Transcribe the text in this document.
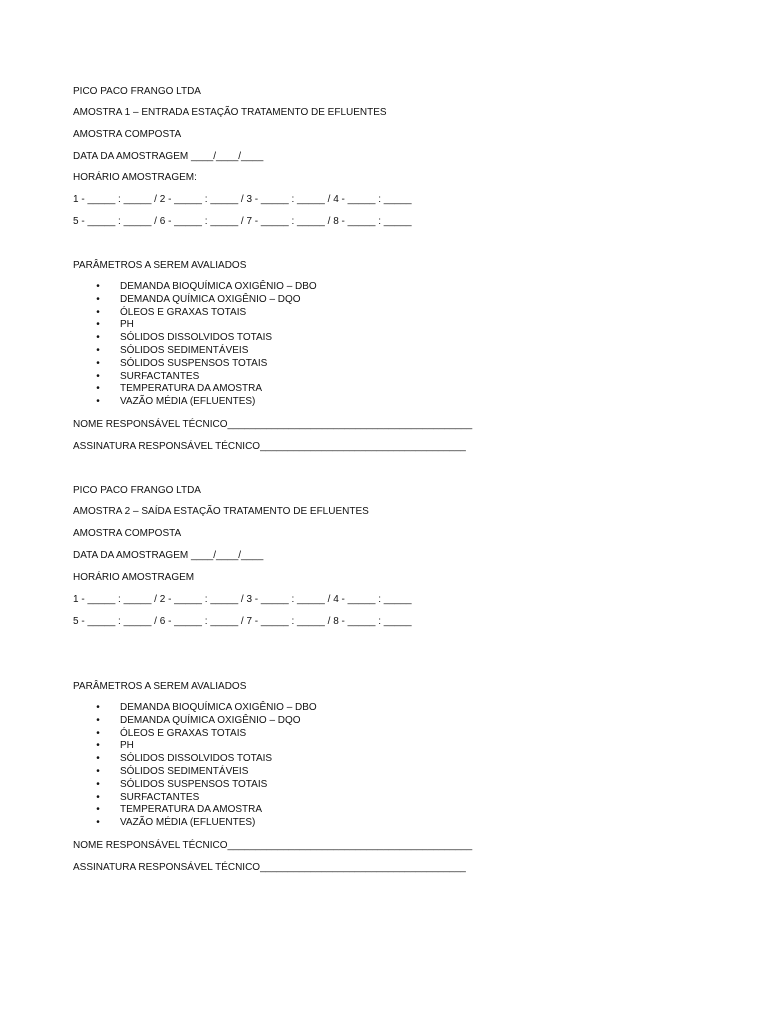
PICO PACO FRANGO LTDA
AMOSTRA 1 – ENTRADA ESTAÇÃO TRATAMENTO DE EFLUENTES
AMOSTRA COMPOSTA
DATA DA AMOSTRAGEM ____/____/____
HORÁRIO AMOSTRAGEM:
1 - _____ : _____ / 2 - _____ : _____ / 3 - _____ : _____ / 4 - _____ : _____
5 - _____ : _____ / 6 - _____ : _____ / 7 - _____ : _____ / 8 - _____ : _____
PARÂMETROS A SEREM AVALIADOS
• DEMANDA BIOQUÍMICA OXIGÊNIO – DBO
• DEMANDA QUÍMICA OXIGÊNIO – DQO
• ÓLEOS E GRAXAS TOTAIS
• PH
• SÓLIDOS DISSOLVIDOS TOTAIS
• SÓLIDOS SEDIMENTÁVEIS
• SÓLIDOS SUSPENSOS TOTAIS
• SURFACTANTES
• TEMPERATURA DA AMOSTRA
• VAZÃO MÉDIA (EFLUENTES)
NOME RESPONSÁVEL TÉCNICO____________________________________________
ASSINATURA RESPONSÁVEL TÉCNICO_____________________________________
PICO PACO FRANGO LTDA
AMOSTRA 2 – SAÍDA ESTAÇÃO TRATAMENTO DE EFLUENTES
AMOSTRA COMPOSTA
DATA DA AMOSTRAGEM ____/____/____
HORÁRIO AMOSTRAGEM
1 - _____ : _____ / 2 - _____ : _____ / 3 - _____ : _____ / 4 - _____ : _____
5 - _____ : _____ / 6 - _____ : _____ / 7 - _____ : _____ / 8 - _____ : _____
PARÂMETROS A SEREM AVALIADOS
• DEMANDA BIOQUÍMICA OXIGÊNIO – DBO
• DEMANDA QUÍMICA OXIGÊNIO – DQO
• ÓLEOS E GRAXAS TOTAIS
• PH
• SÓLIDOS DISSOLVIDOS TOTAIS
• SÓLIDOS SEDIMENTÁVEIS
• SÓLIDOS SUSPENSOS TOTAIS
• SURFACTANTES
• TEMPERATURA DA AMOSTRA
• VAZÃO MÉDIA (EFLUENTES)
NOME RESPONSÁVEL TÉCNICO____________________________________________
ASSINATURA RESPONSÁVEL TÉCNICO_____________________________________
